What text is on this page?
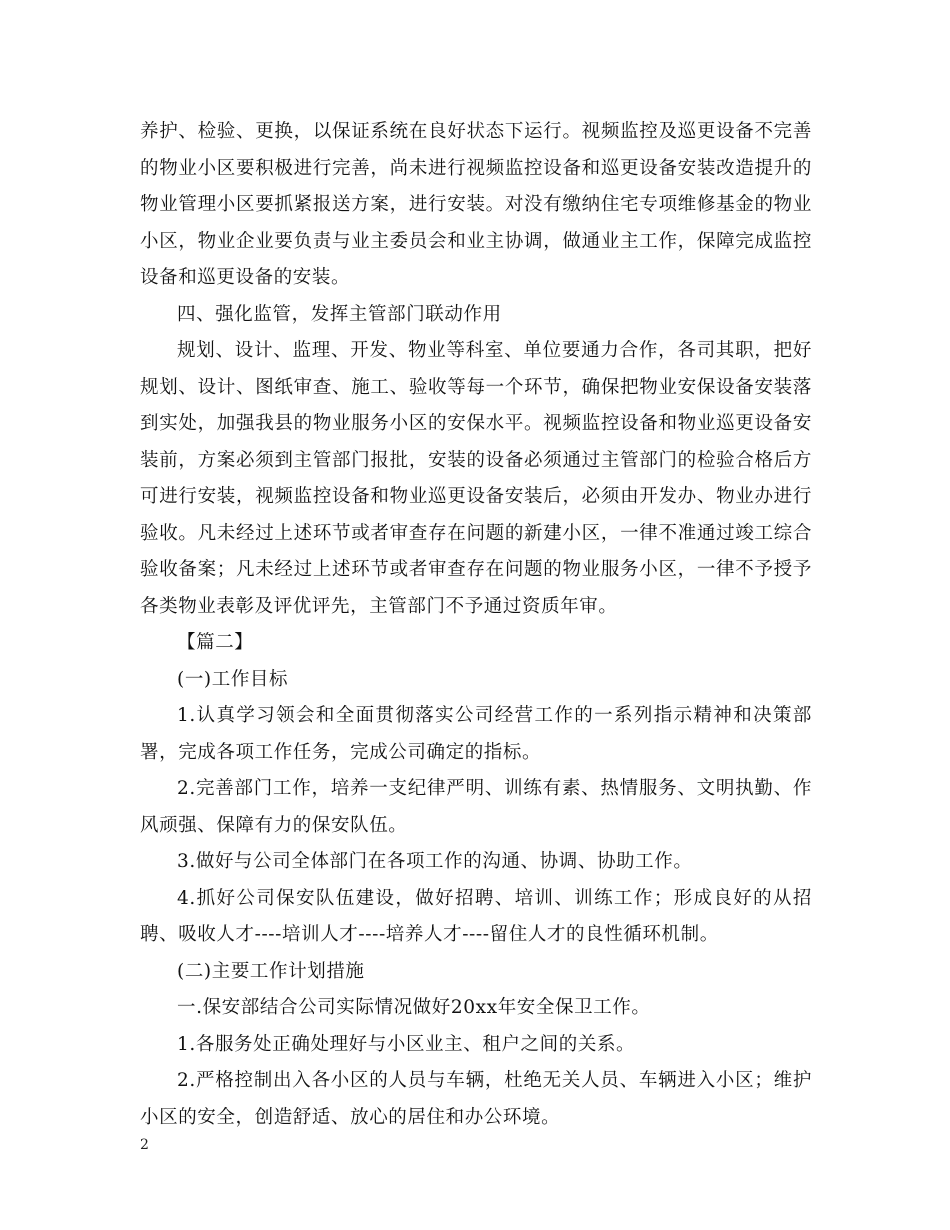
养护、检验、更换，以保证系统在良好状态下运行。视频监控及巡更设备不完善的物业小区要积极进行完善，尚未进行视频监控设备和巡更设备安装改造提升的物业管理小区要抓紧报送方案，进行安装。对没有缴纳住宅专项维修基金的物业小区，物业企业要负责与业主委员会和业主协调，做通业主工作，保障完成监控设备和巡更设备的安装。

四、强化监管，发挥主管部门联动作用

规划、设计、监理、开发、物业等科室、单位要通力合作，各司其职，把好规划、设计、图纸审查、施工、验收等每一个环节，确保把物业安保设备安装落到实处，加强我县的物业服务小区的安保水平。视频监控设备和物业巡更设备安装前，方案必须到主管部门报批，安装的设备必须通过主管部门的检验合格后方可进行安装，视频监控设备和物业巡更设备安装后，必须由开发办、物业办进行验收。凡未经过上述环节或者审查存在问题的新建小区，一律不准通过竣工综合验收备案；凡未经过上述环节或者审查存在问题的物业服务小区，一律不予授予各类物业表彰及评优评先，主管部门不予通过资质年审。

【篇二】

(一)工作目标

1.认真学习领会和全面贯彻落实公司经营工作的一系列指示精神和决策部署，完成各项工作任务，完成公司确定的指标。

2.完善部门工作，培养一支纪律严明、训练有素、热情服务、文明执勤、作风顽强、保障有力的保安队伍。

3.做好与公司全体部门在各项工作的沟通、协调、协助工作。

4.抓好公司保安队伍建设，做好招聘、培训、训练工作；形成良好的从招聘、吸收人才----培训人才----培养人才----留住人才的良性循环机制。

(二)主要工作计划措施

一.保安部结合公司实际情况做好20xx年安全保卫工作。

1.各服务处正确处理好与小区业主、租户之间的关系。

2.严格控制出入各小区的人员与车辆，杜绝无关人员、车辆进入小区；维护小区的安全，创造舒适、放心的居住和办公环境。

2
